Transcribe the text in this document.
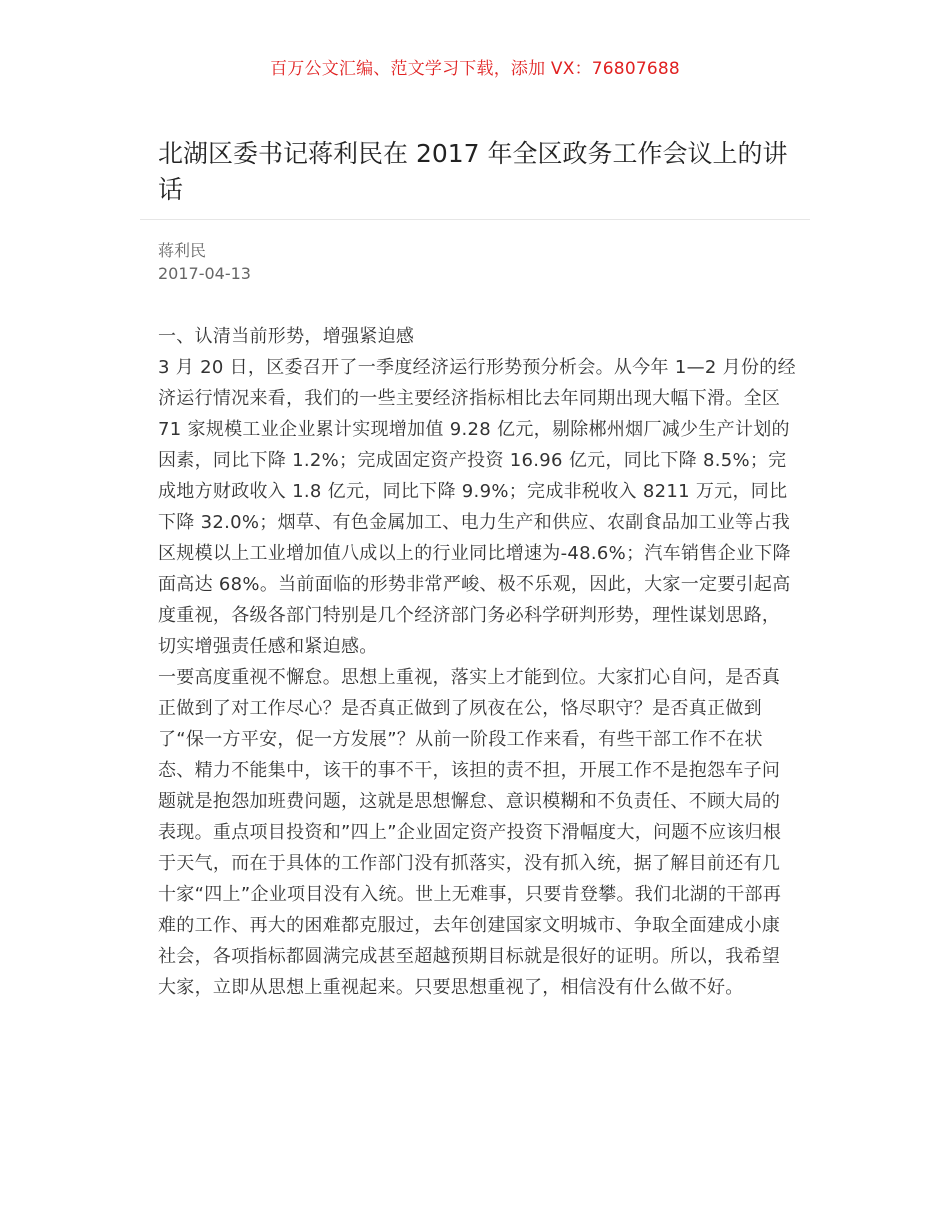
百万公文汇编、范文学习下载，添加 VX：76807688
北湖区委书记蒋利民在 2017 年全区政务工作会议上的讲话
蒋利民
2017-04-13

一、认清当前形势，增强紧迫感

3 月 20 日，区委召开了一季度经济运行形势预分析会。从今年 1—2 月份的经济运行情况来看，我们的一些主要经济指标相比去年同期出现大幅下滑。全区 71 家规模工业企业累计实现增加值 9.28 亿元，剔除郴州烟厂减少生产计划的因素，同比下降 1.2%；完成固定资产投资 16.96 亿元，同比下降 8.5%；完成地方财政收入 1.8 亿元，同比下降 9.9%；完成非税收入 8211 万元，同比下降 32.0%；烟草、有色金属加工、电力生产和供应、农副食品加工业等占我区规模以上工业增加值八成以上的行业同比增速为-48.6%；汽车销售企业下降面高达 68%。当前面临的形势非常严峻、极不乐观，因此，大家一定要引起高度重视，各级各部门特别是几个经济部门务必科学研判形势，理性谋划思路，切实增强责任感和紧迫感。

一要高度重视不懈怠。思想上重视，落实上才能到位。大家扪心自问，是否真正做到了对工作尽心？是否真正做到了夙夜在公，恪尽职守？是否真正做到了“保一方平安，促一方发展”？从前一阶段工作来看，有些干部工作不在状态、精力不能集中，该干的事不干，该担的责不担，开展工作不是抱怨车子问题就是抱怨加班费问题，这就是思想懈怠、意识模糊和不负责任、不顾大局的表现。重点项目投资和”四上”企业固定资产投资下滑幅度大，问题不应该归根于天气，而在于具体的工作部门没有抓落实，没有抓入统，据了解目前还有几十家“四上”企业项目没有入统。世上无难事，只要肯登攀。我们北湖的干部再难的工作、再大的困难都克服过，去年创建国家文明城市、争取全面建成小康社会，各项指标都圆满完成甚至超越预期目标就是很好的证明。所以，我希望大家，立即从思想上重视起来。只要思想重视了，相信没有什么做不好。
